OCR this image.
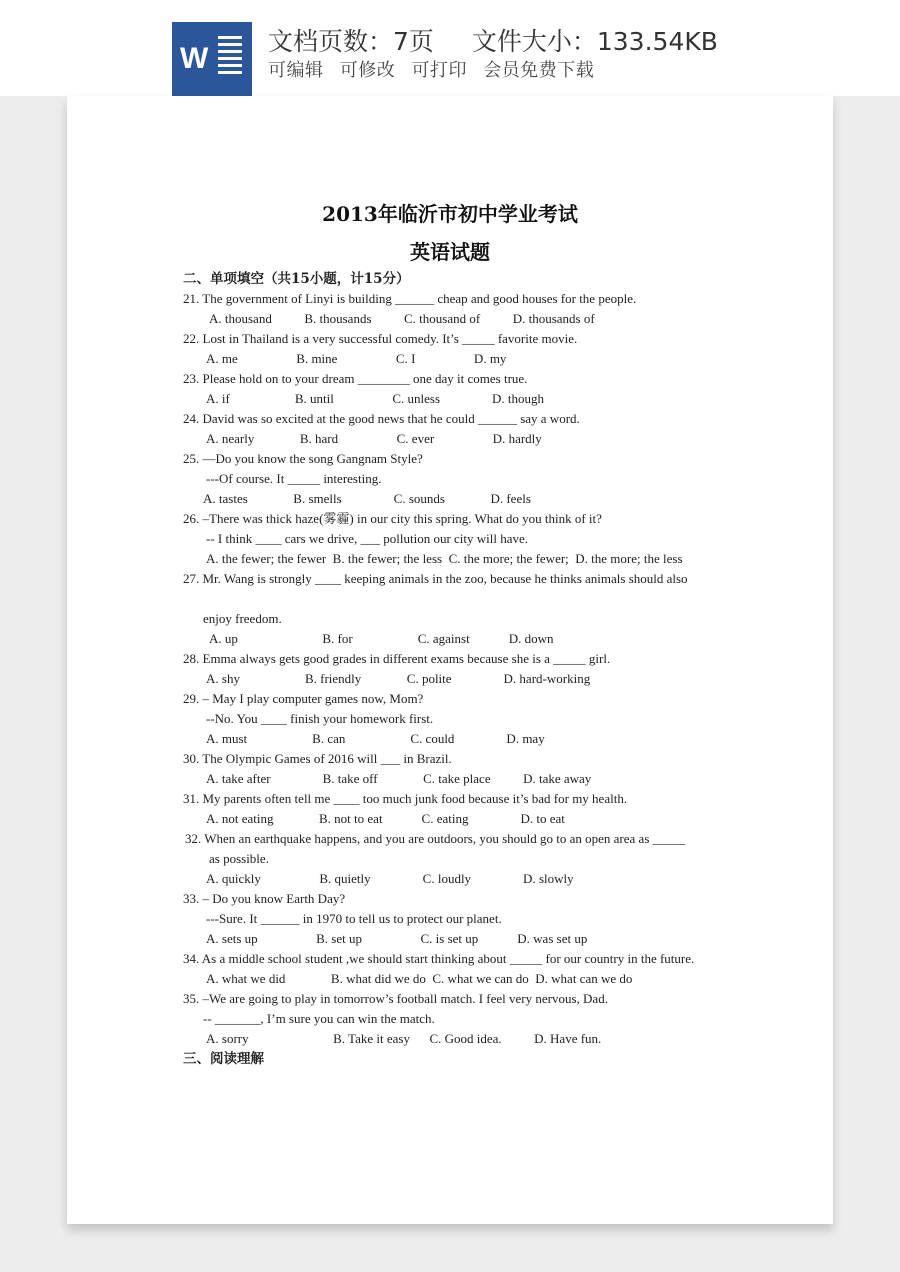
W
文档页数：7页 文件大小：133.54KB
可编辑 可修改 可打印 会员免费下载
2013年临沂市初中学业考试
英语试题
二、单项填空（共15小题，计15分）
21. The government of Linyi is building ______ cheap and good houses for the people.
A. thousand          B. thousands          C. thousand of          D. thousands of
22. Lost in Thailand is a very successful comedy. It’s _____ favorite movie.
A. me                  B. mine                  C. I                  D. my
23. Please hold on to your dream ________ one day it comes true.
A. if                    B. until                  C. unless                D. though
24. David was so excited at the good news that he could ______ say a word.
A. nearly              B. hard                  C. ever                  D. hardly
25. —Do you know the song Gangnam Style?
---Of course. It _____ interesting.
A. tastes              B. smells                C. sounds              D. feels
26. –There was thick haze(雾霾) in our city this spring. What do you think of it?
-- I think ____ cars we drive, ___ pollution our city will have.
A. the fewer; the fewer  B. the fewer; the less  C. the more; the fewer;  D. the more; the less
27. Mr. Wang is strongly ____ keeping animals in the zoo, because he thinks animals should also
enjoy freedom.
A. up                          B. for                    C. against            D. down
28. Emma always gets good grades in different exams because she is a _____ girl.
A. shy                    B. friendly              C. polite                D. hard-working
29. – May I play computer games now, Mom?
--No. You ____ finish your homework first.
A. must                    B. can                    C. could                D. may
30. The Olympic Games of 2016 will ___ in Brazil.
A. take after                B. take off              C. take place          D. take away
31. My parents often tell me ____ too much junk food because it’s bad for my health.
A. not eating              B. not to eat            C. eating                D. to eat
32. When an earthquake happens, and you are outdoors, you should go to an open area as _____
as possible.
A. quickly                  B. quietly                C. loudly                D. slowly
33. – Do you know Earth Day?
---Sure. It ______ in 1970 to tell us to protect our planet.
A. sets up                  B. set up                  C. is set up            D. was set up
34. As a middle school student ,we should start thinking about _____ for our country in the future.
A. what we did              B. what did we do  C. what we can do  D. what can we do
35. –We are going to play in tomorrow’s football match. I feel very nervous, Dad.
-- _______, I’m sure you can win the match.
A. sorry                          B. Take it easy      C. Good idea.          D. Have fun.
三、阅读理解
